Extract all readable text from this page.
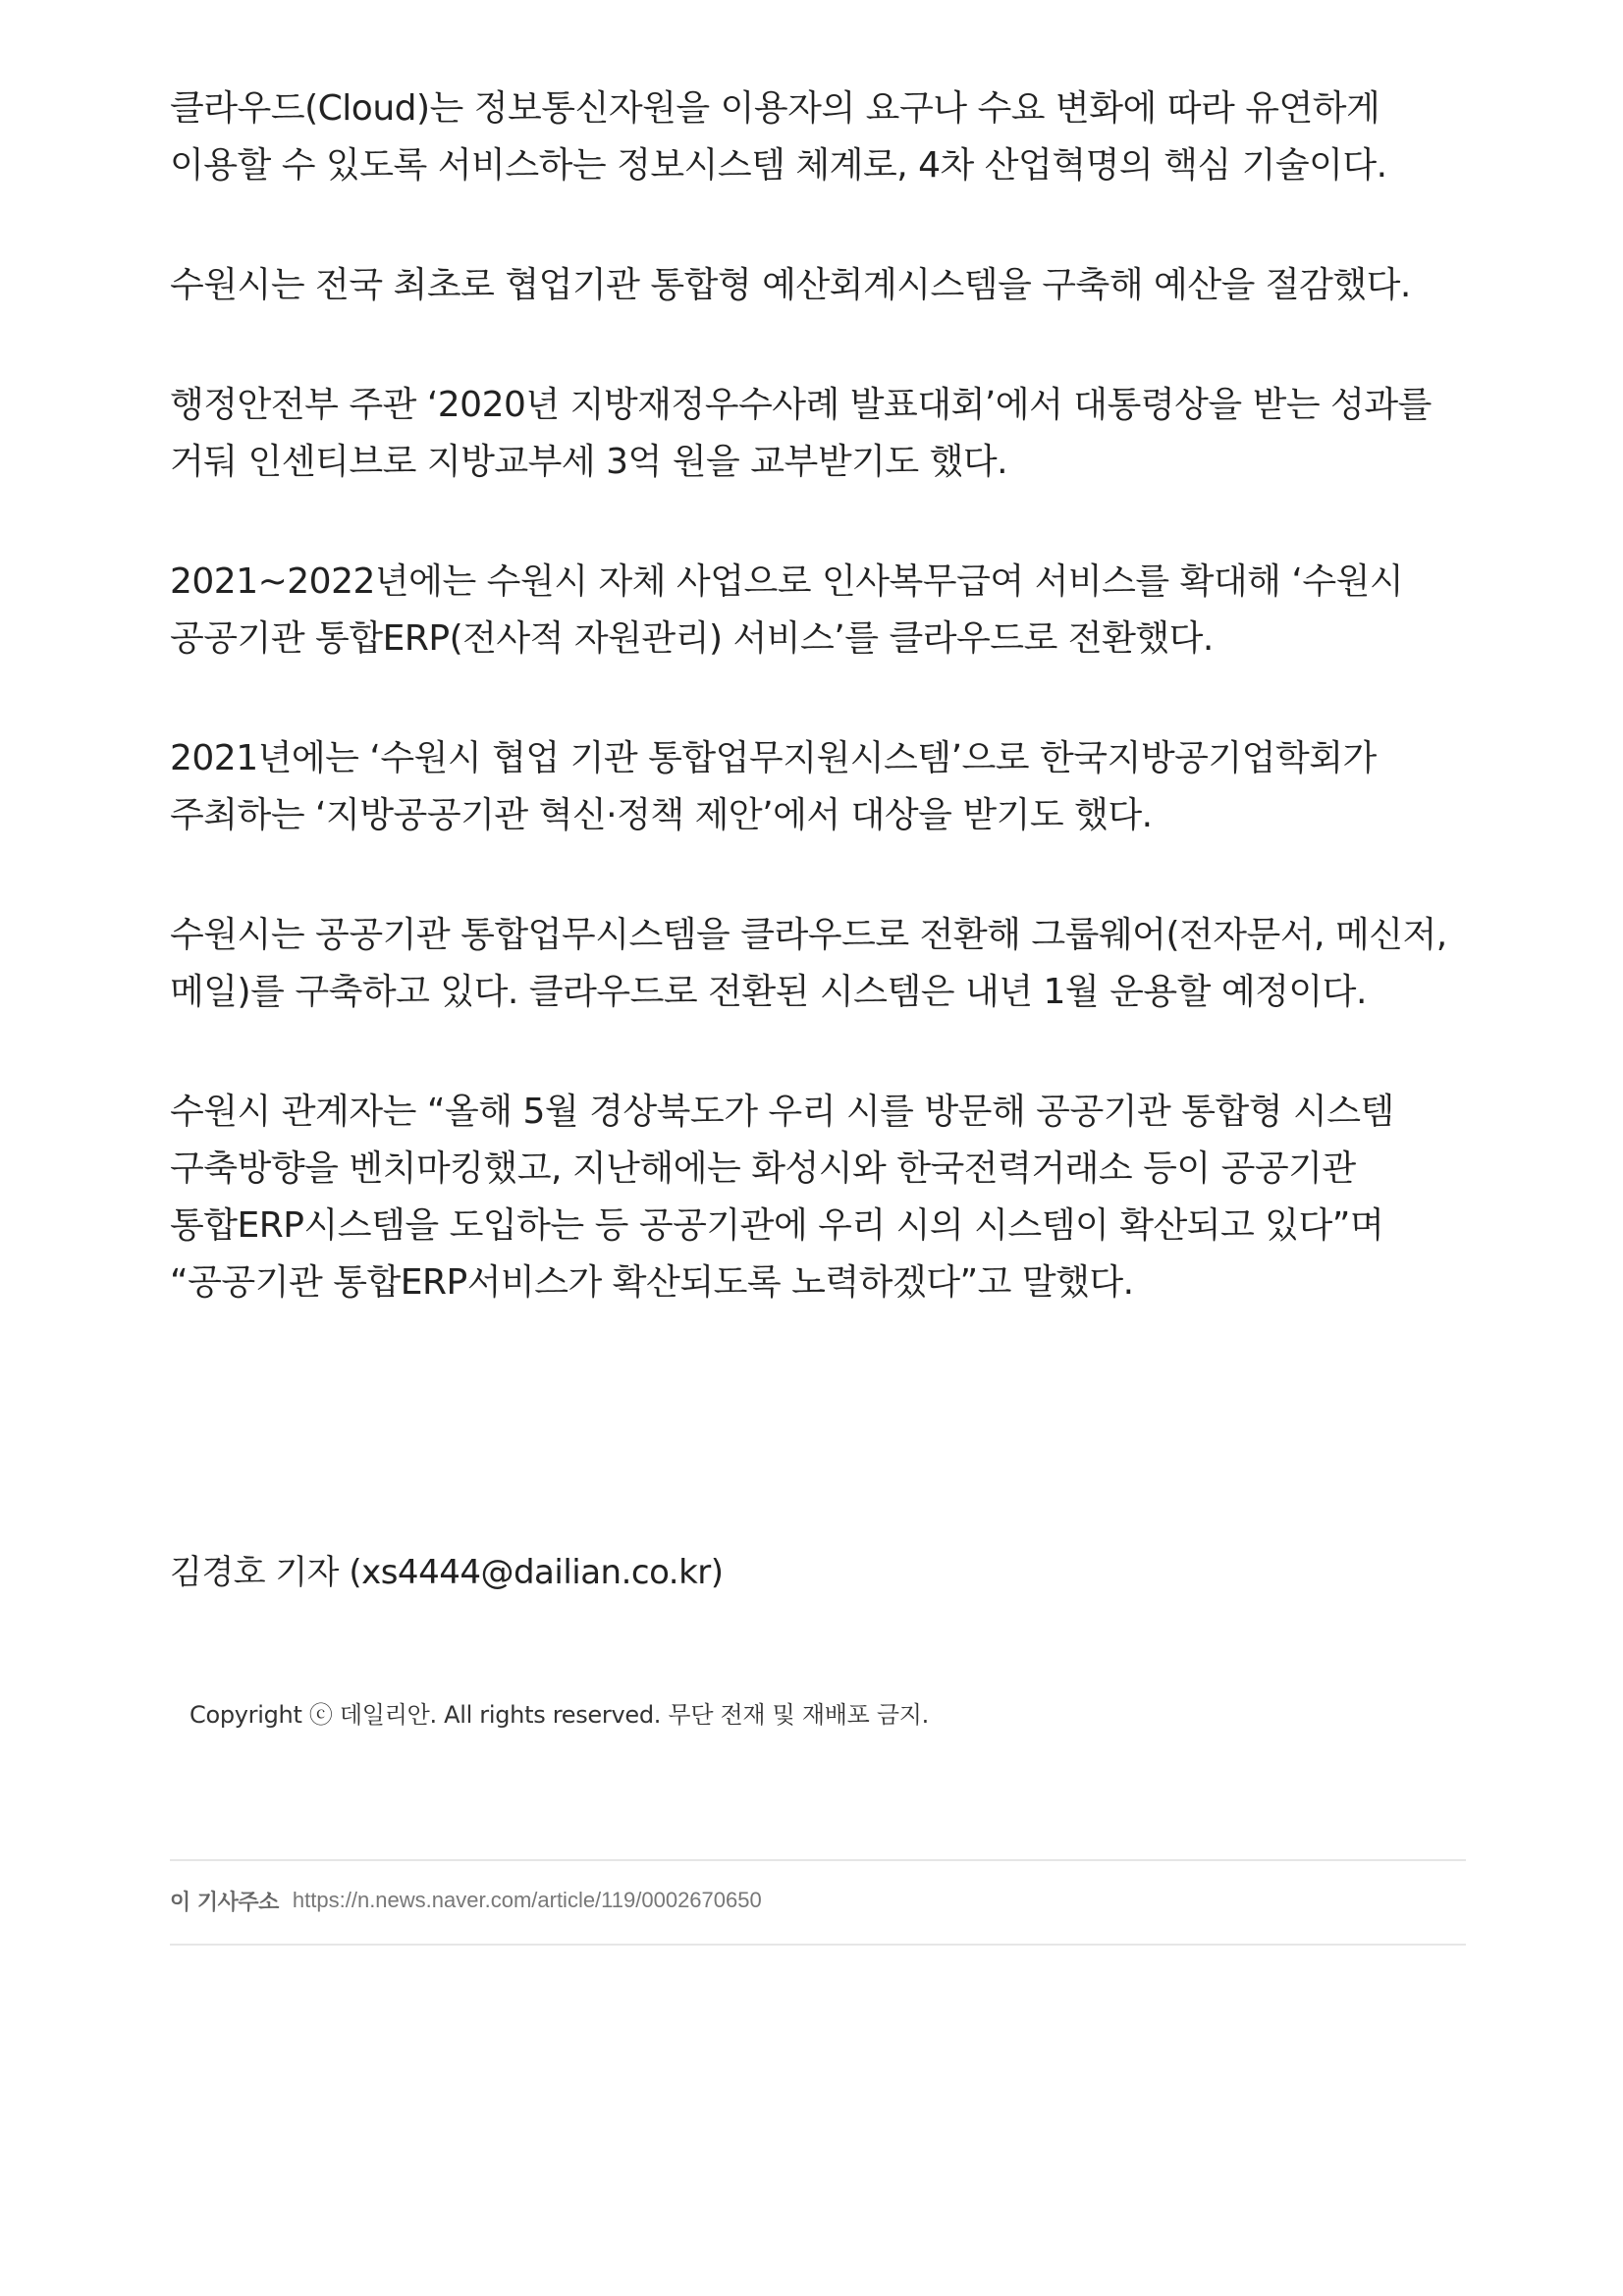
클라우드(Cloud)는 정보통신자원을 이용자의 요구나 수요 변화에 따라 유연하게 이용할 수 있도록 서비스하는 정보시스템 체계로, 4차 산업혁명의 핵심 기술이다.

수원시는 전국 최초로 협업기관 통합형 예산회계시스템을 구축해 예산을 절감했다.

행정안전부 주관 ‘2020년 지방재정우수사례 발표대회’에서 대통령상을 받는 성과를 거둬 인센티브로 지방교부세 3억 원을 교부받기도 했다.

2021~2022년에는 수원시 자체 사업으로 인사복무급여 서비스를 확대해 ‘수원시 공공기관 통합ERP(전사적 자원관리) 서비스’를 클라우드로 전환했다.

2021년에는 ‘수원시 협업 기관 통합업무지원시스템’으로 한국지방공기업학회가 주최하는 ‘지방공공기관 혁신·정책 제안’에서 대상을 받기도 했다.

수원시는 공공기관 통합업무시스템을 클라우드로 전환해 그룹웨어(전자문서, 메신저, 메일)를 구축하고 있다. 클라우드로 전환된 시스템은 내년 1월 운용할 예정이다.

수원시 관계자는 “올해 5월 경상북도가 우리 시를 방문해 공공기관 통합형 시스템 구축방향을 벤치마킹했고, 지난해에는 화성시와 한국전력거래소 등이 공공기관 통합ERP시스템을 도입하는 등 공공기관에 우리 시의 시스템이 확산되고 있다”며 “공공기관 통합ERP서비스가 확산되도록 노력하겠다”고 말했다.

김경호 기자 (xs4444@dailian.co.kr)

Copyright ⓒ 데일리안. All rights reserved. 무단 전재 및 재배포 금지.

이 기사주소 https://n.news.naver.com/article/119/0002670650
